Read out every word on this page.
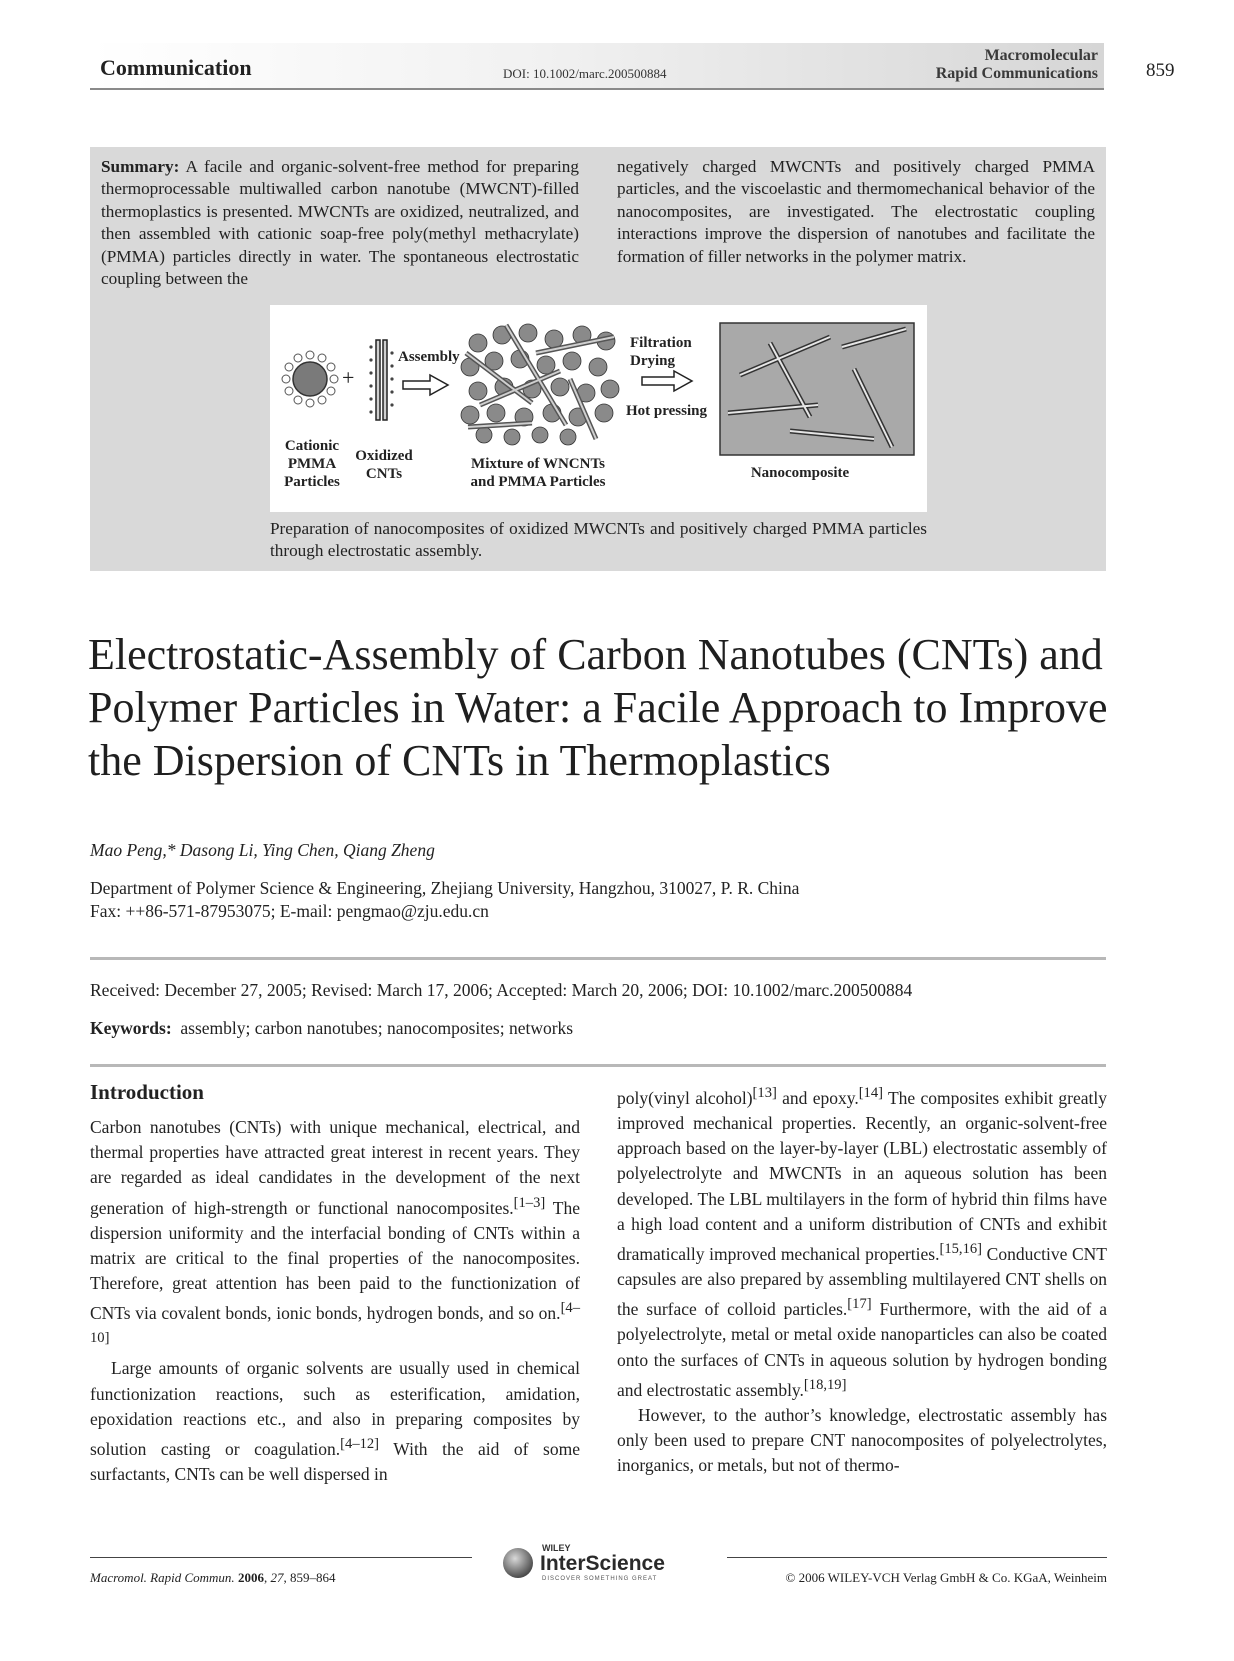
Communication	DOI: 10.1002/marc.200500884
Macromolecular
Rapid Communications	859
Summary: A facile and organic-solvent-free method for preparing thermoprocessable multiwalled carbon nanotube (MWCNT)-filled thermoplastics is presented. MWCNTs are oxidized, neutralized, and then assembled with cationic soap-free poly(methyl methacrylate) (PMMA) particles directly in water. The spontaneous electrostatic coupling between the
negatively charged MWCNTs and positively charged PMMA particles, and the viscoelastic and thermomechanical behavior of the nanocomposites, are investigated. The electrostatic coupling interactions improve the dispersion of nanotubes and facilitate the formation of filler networks in the polymer matrix.
+
Assembly
Filtration
Drying
Hot pressing
Cationic
PMMA
Particles
Oxidized
CNTs
Mixture of WNCNTs
and PMMA Particles
Nanocomposite
Preparation of nanocomposites of oxidized MWCNTs and positively charged PMMA particles through electrostatic assembly.
Electrostatic-Assembly of Carbon Nanotubes (CNTs) and Polymer Particles in Water: a Facile Approach to Improve the Dispersion of CNTs in Thermoplastics
Mao Peng,* Dasong Li, Ying Chen, Qiang Zheng
Department of Polymer Science & Engineering, Zhejiang University, Hangzhou, 310027, P. R. China
Fax: ++86-571-87953075; E-mail: pengmao@zju.edu.cn
Received: December 27, 2005; Revised: March 17, 2006; Accepted: March 20, 2006; DOI: 10.1002/marc.200500884
Keywords: assembly; carbon nanotubes; nanocomposites; networks
Introduction

Carbon nanotubes (CNTs) with unique mechanical, electrical, and thermal properties have attracted great interest in recent years. They are regarded as ideal candidates in the development of the next generation of high-strength or functional nanocomposites.[1–3] The dispersion uniformity and the interfacial bonding of CNTs within a matrix are critical to the final properties of the nanocomposites. Therefore, great attention has been paid to the functionization of CNTs via covalent bonds, ionic bonds, hydrogen bonds, and so on.[4–10]

Large amounts of organic solvents are usually used in chemical functionization reactions, such as esterification, amidation, epoxidation reactions etc., and also in preparing composites by solution casting or coagulation.[4–12] With the aid of some surfactants, CNTs can be well dispersed in

poly(vinyl alcohol)[13] and epoxy.[14] The composites exhibit greatly improved mechanical properties. Recently, an organic-solvent-free approach based on the layer-by-layer (LBL) electrostatic assembly of polyelectrolyte and MWCNTs in an aqueous solution has been developed. The LBL multilayers in the form of hybrid thin films have a high load content and a uniform distribution of CNTs and exhibit dramatically improved mechanical properties.[15,16] Conductive CNT capsules are also prepared by assembling multilayered CNT shells on the surface of colloid particles.[17] Furthermore, with the aid of a polyelectrolyte, metal or metal oxide nanoparticles can also be coated onto the surfaces of CNTs in aqueous solution by hydrogen bonding and electrostatic assembly.[18,19]

However, to the author’s knowledge, electrostatic assembly has only been used to prepare CNT nanocomposites of polyelectrolytes, inorganics, or metals, but not of thermo-

Macromol. Rapid Commun. 2006, 27, 859–864
WILEY
InterScience
DISCOVER SOMETHING GREAT	© 2006 WILEY-VCH Verlag GmbH & Co. KGaA, Weinheim
